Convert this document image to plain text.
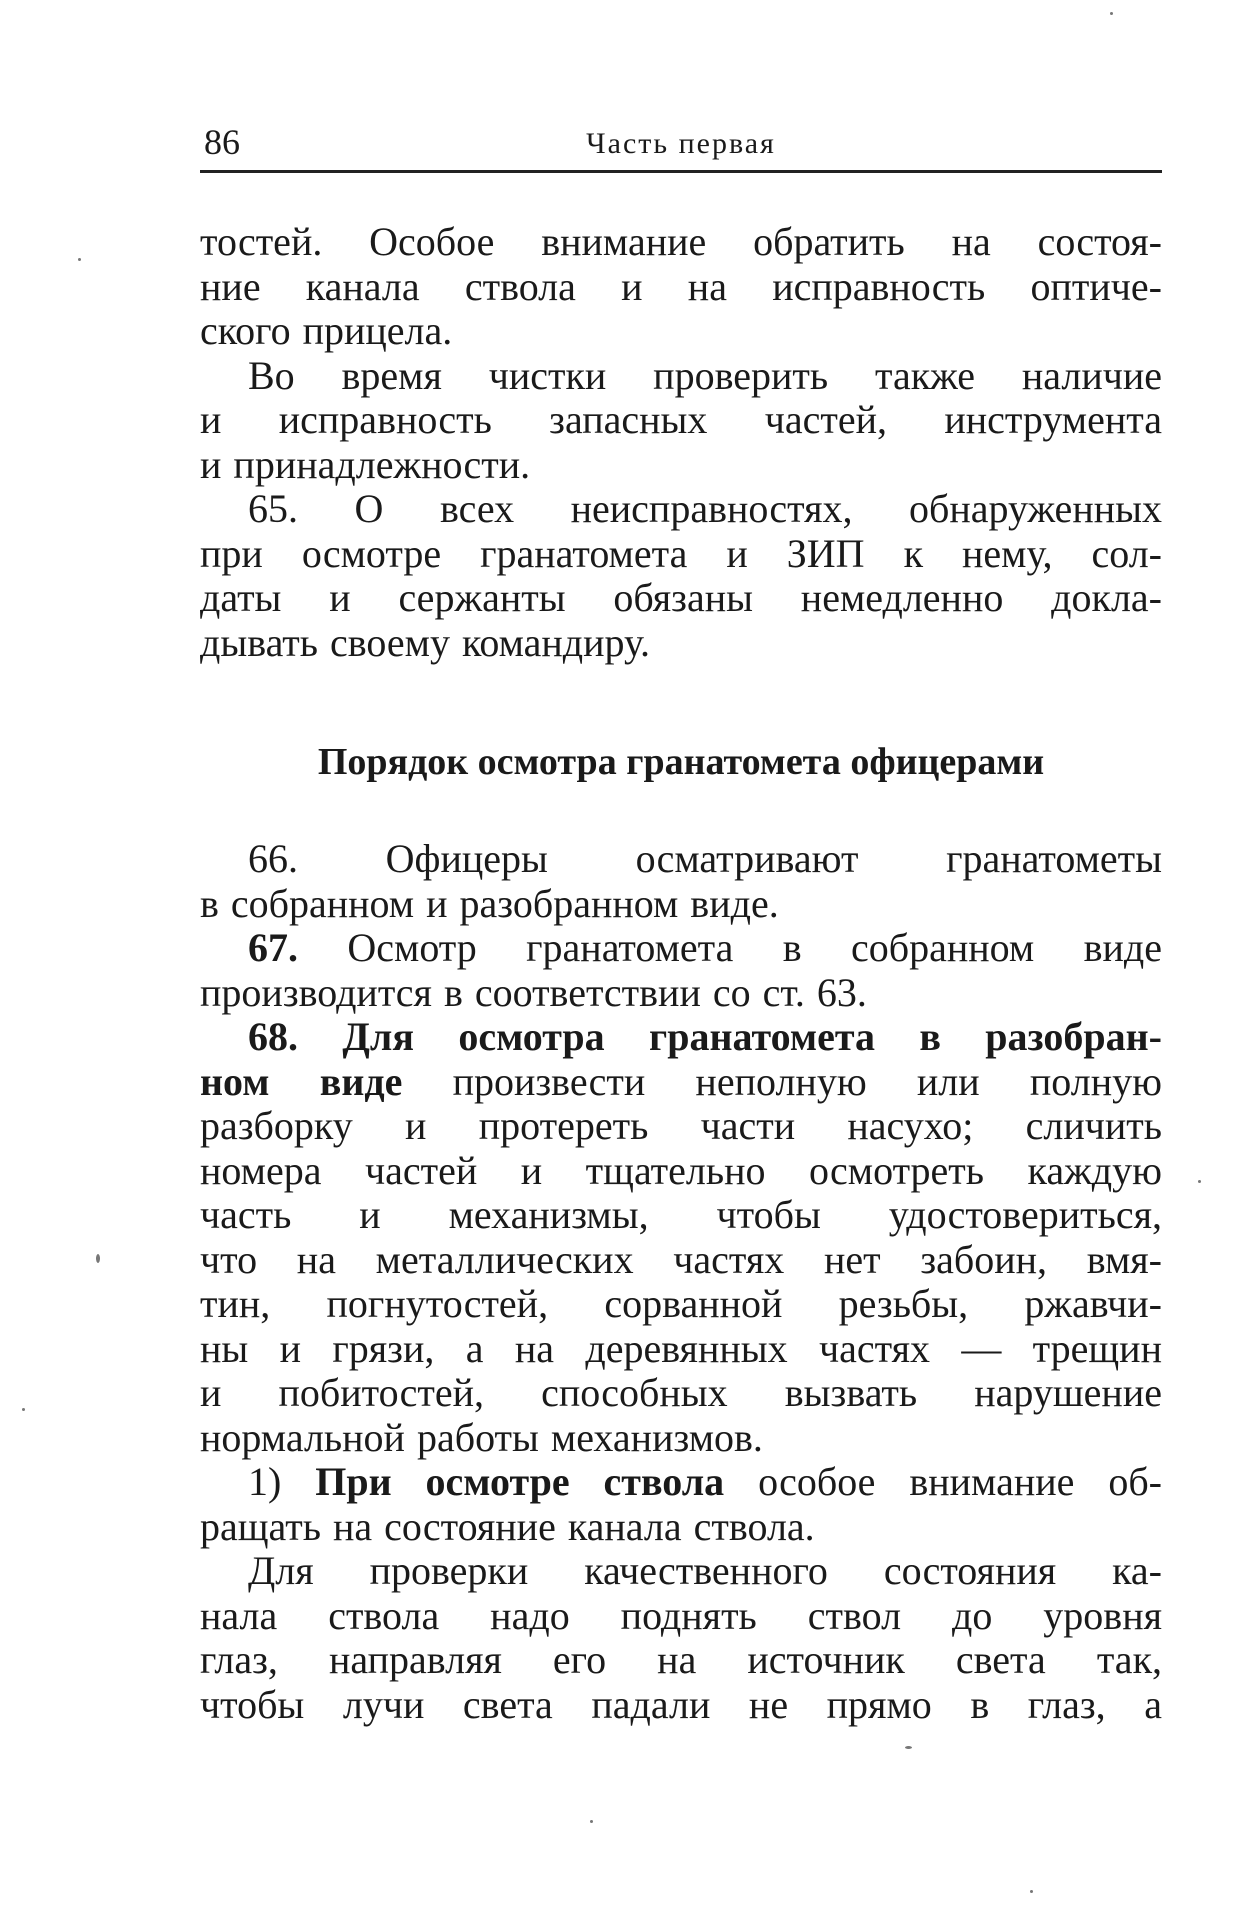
86	Часть первая

тостей. Особое внимание обратить на состоя-
ние канала ствола и на исправность оптиче-
ского прицела.

Во время чистки проверить также наличие
и исправность запасных частей, инструмента
и принадлежности.

65. О всех неисправностях, обнаруженных
при осмотре гранатомета и ЗИП к нему, сол-
даты и сержанты обязаны немедленно докла-
дывать своему командиру.

Порядок осмотра гранатомета офицерами

66. Офицеры осматривают гранатометы
в собранном и разобранном виде.

67. Осмотр гранатомета в собранном виде
производится в соответствии со ст. 63.

68. Для осмотра гранатомета в разобран-
ном виде произвести неполную или полную
разборку и протереть части насухо; сличить
номера частей и тщательно осмотреть каждую
часть и механизмы, чтобы удостовериться,
что на металлических частях нет забоин, вмя-
тин, погнутостей, сорванной резьбы, ржавчи-
ны и грязи, а на деревянных частях — трещин
и побитостей, способных вызвать нарушение
нормальной работы механизмов.

1) При осмотре ствола особое внимание об-
ращать на состояние канала ствола.

Для проверки качественного состояния ка-
нала ствола надо поднять ствол до уровня
глаз, направляя его на источник света так,
чтобы лучи света падали не прямо в глаз, а
